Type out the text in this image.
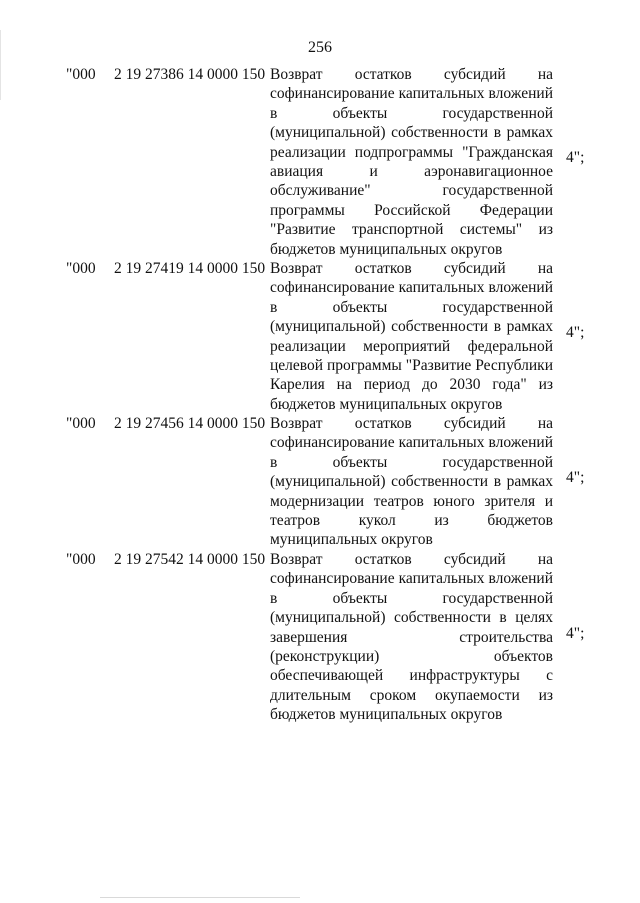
256
"000 2 19 27386 14 0000 150 Возврат остатков субсидий на софинансирование капитальных вложений в объекты государственной (муниципальной) собственности в рамках реализации подпрограммы "Гражданская авиация и аэронавигационное обслуживание" государственной программы Российской Федерации "Развитие транспортной системы" из бюджетов муниципальных округов
4";
"000 2 19 27419 14 0000 150 Возврат остатков субсидий на софинансирование капитальных вложений в объекты государственной (муниципальной) собственности в рамках реализации мероприятий федеральной целевой программы "Развитие Республики Карелия на период до 2030 года" из бюджетов муниципальных округов
4";
"000 2 19 27456 14 0000 150 Возврат остатков субсидий на софинансирование капитальных вложений в объекты государственной (муниципальной) собственности в рамках модернизации театров юного зрителя и театров кукол из бюджетов муниципальных округов
4";
"000 2 19 27542 14 0000 150 Возврат остатков субсидий на софинансирование капитальных вложений в объекты государственной (муниципальной) собственности в целях завершения строительства (реконструкции) объектов обеспечивающей инфраструктуры с длительным сроком окупаемости из бюджетов муниципальных округов
4";
